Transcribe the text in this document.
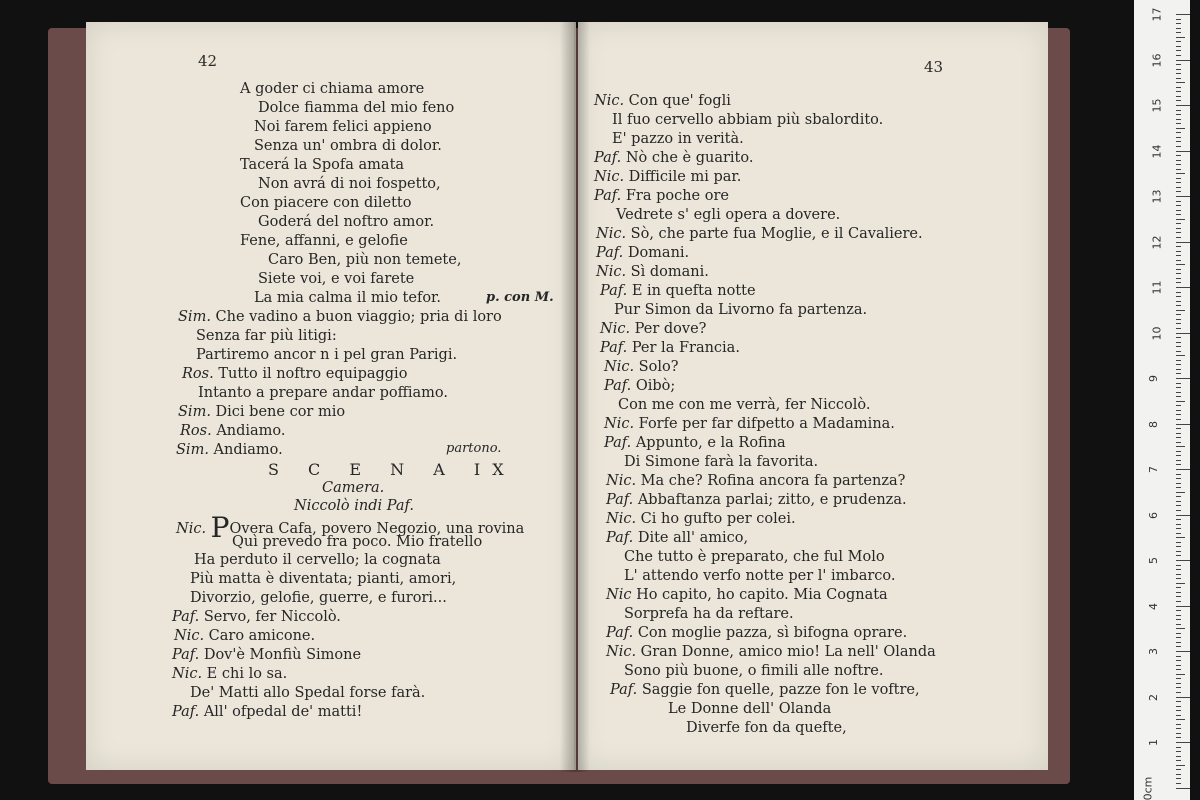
42	43
A goder ci chiama amore
Dolce fiamma del mio feno
Noi farem felici appieno
Senza un' ombra di dolor.
Tacerá la Spofa amata
Non avrá di noi fospetto,
Con piacere con diletto
Goderá del noftro amor.
Fene, affanni, e gelofie
Caro Ben, più non temete,
Siete voi, e voi farete
La mia calma il mio tefor.
Sim. Che vadino a buon viaggio; pria di loro
Senza far più litigi:
Partiremo ancor n i pel gran Parigi.
Ros. Tutto il noftro equipaggio
Intanto a prepare andar poffiamo.
Sim. Dici bene cor mio
Ros. Andiamo.
Sim. Andiamo.
S C E N A IX
Camera.
Niccolò indi Paf.
Nic. POvera Cafa, povero Negozio, una rovina
Quì prevedo fra poco. Mio fratello
Ha perduto il cervello; la cognata
Più matta è diventata; pianti, amori,
Divorzio, gelofie, guerre, e furori...
Paf. Servo, fer Niccolò.
Nic. Caro amicone.
Paf. Dov'è Monfiù Simone
Nic. E chi lo sa.
De' Matti allo Spedal forse farà.
Paf. All' ofpedal de' matti!
Nic. Con que' fogli
Il fuo cervello abbiam più sbalordito.
E' pazzo in verità.
Paf. Nò che è guarito.
Nic. Difficile mi par.
Paf. Fra poche ore
Vedrete s' egli opera a dovere.
Nic. Sò, che parte fua Moglie, e il Cavaliere.
Paf. Domani.
Nic. Sì domani.
Paf. E in quefta notte
Pur Simon da Livorno fa partenza.
Nic. Per dove?
Paf. Per la Francia.
Nic. Solo?
Paf. Oibò;
Con me con me verrà, fer Niccolò.
Nic. Forfe per far difpetto a Madamina.
Paf. Appunto, e la Rofina
Di Simone farà la favorita.
Nic. Ma che? Rofina ancora fa partenza?
Paf. Abbaftanza parlai; zitto, e prudenza.
Nic. Ci ho gufto per colei.
Paf. Dite all' amico,
Che tutto è preparato, che ful Molo
L' attendo verfo notte per l' imbarco.
Nic Ho capito, ho capito. Mia Cognata
Sorprefa ha da reftare.
Paf. Con moglie pazza, sì bifogna oprare.
Nic. Gran Donne, amico mio! La nell' Olanda
Sono più buone, o fimili alle noftre.
Paf. Saggie fon quelle, pazze fon le voftre,
Le Donne dell' Olanda
Diverfe fon da quefte,
p. con M.
partono.
17
16
15
14
13
12
11
10
9
8
7
6
5
4
3
2
1
0cm
